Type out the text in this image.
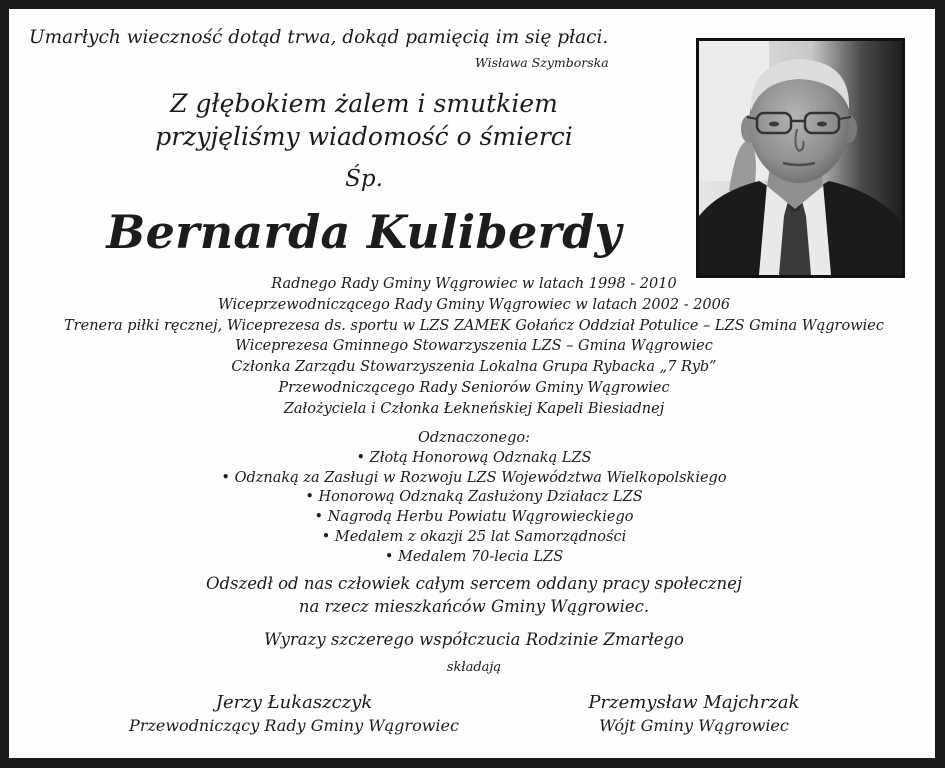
Umarłych wieczność dotąd trwa, dokąd pamięcią im się płaci.
Wisława Szymborska
Z głębokiem żalem i smutkiem
przyjęliśmy wiadomość o śmierci
Śp.
Bernarda Kuliberdy
Radnego Rady Gminy Wągrowiec w latach 1998 - 2010
Wiceprzewodniczącego Rady Gminy Wągrowiec w latach 2002 - 2006
Trenera piłki ręcznej, Wiceprezesa ds. sportu w LZS ZAMEK Gołańcz Oddział Potulice – LZS Gmina Wągrowiec
Wiceprezesa Gminnego Stowarzyszenia LZS – Gmina Wągrowiec
Członka Zarządu Stowarzyszenia Lokalna Grupa Rybacka „7 Ryb”
Przewodniczącego Rady Seniorów Gminy Wągrowiec
Założyciela i Członka Łekneńskiej Kapeli Biesiadnej
Odznaczonego:
• Złotą Honorową Odznaką LZS
• Odznaką za Zasługi w Rozwoju LZS Województwa Wielkopolskiego
• Honorową Odznaką Zasłużony Działacz LZS
• Nagrodą Herbu Powiatu Wągrowieckiego
• Medalem z okazji 25 lat Samorządności
• Medalem 70-lecia LZS
Odszedł od nas człowiek całym sercem oddany pracy społecznej
na rzecz mieszkańców Gminy Wągrowiec.
Wyrazy szczerego współczucia Rodzinie Zmarłego
składają
Jerzy Łukaszczyk
Przewodniczący Rady Gminy Wągrowiec
Przemysław Majchrzak
Wójt Gminy Wągrowiec
